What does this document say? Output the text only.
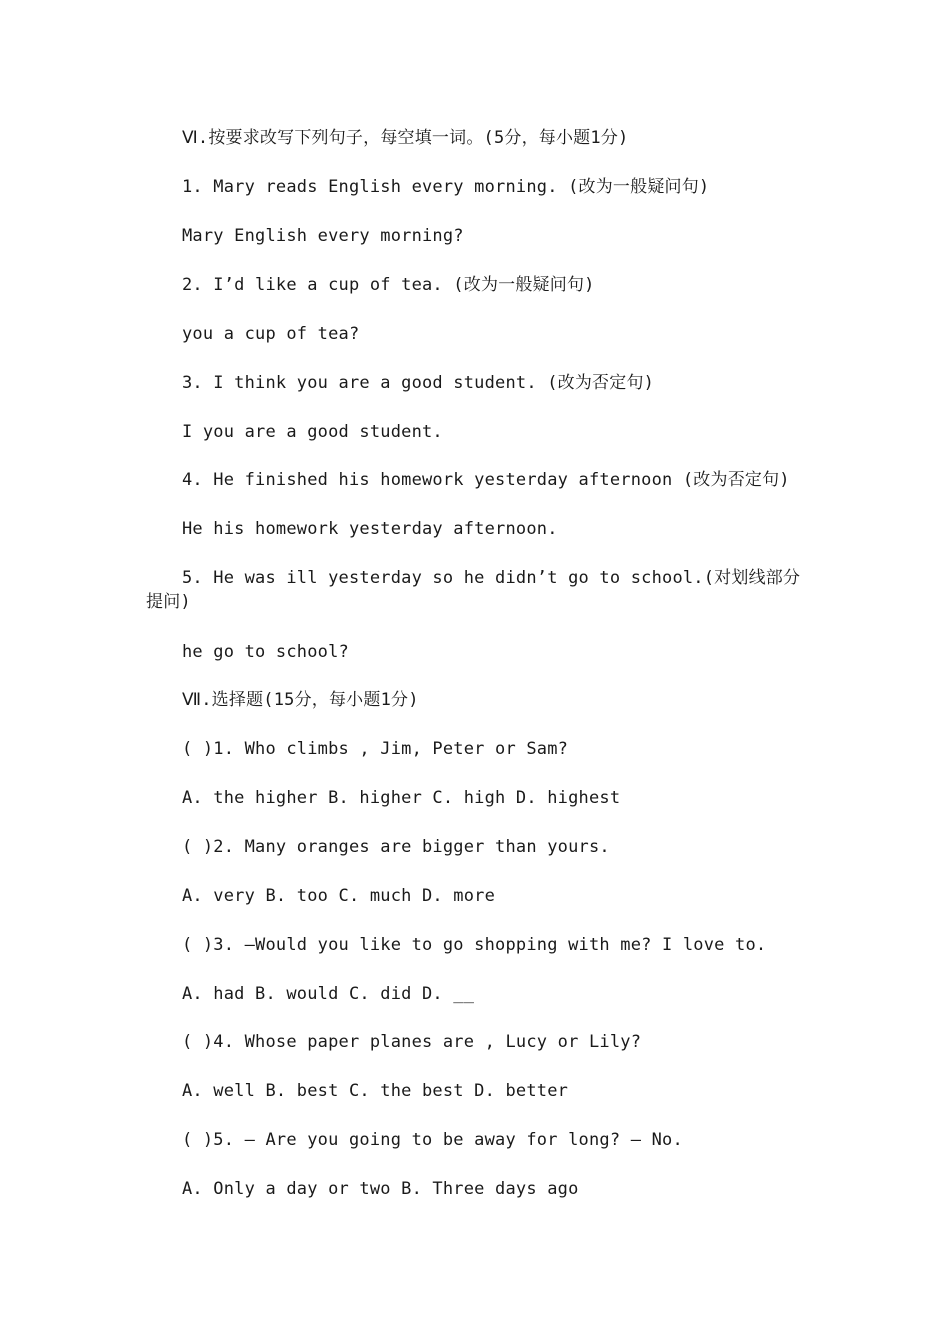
Ⅵ.按要求改写下列句子，每空填一词。(5分，每小题1分)
1. Mary reads English every morning. (改为一般疑问句)
Mary English every morning?
2. I’d like a cup of tea. (改为一般疑问句)
you a cup of tea?
3. I think you are a good student. (改为否定句)
I you are a good student.
4. He finished his homework yesterday afternoon (改为否定句)
He his homework yesterday afternoon.
5. He was ill yesterday so he didn’t go to school.(对划线部分提问)
he go to school?
Ⅶ.选择题(15分，每小题1分)
( )1. Who climbs , Jim, Peter or Sam?
A. the higher B. higher C. high D. highest
( )2. Many oranges are bigger than yours.
A. very B. too C. much D. more
( )3. —Would you like to go shopping with me? I love to.
A. had B. would C. did D. __
( )4. Whose paper planes are , Lucy or Lily?
A. well B. best C. the best D. better
( )5. — Are you going to be away for long? — No.
A. Only a day or two B. Three days ago
